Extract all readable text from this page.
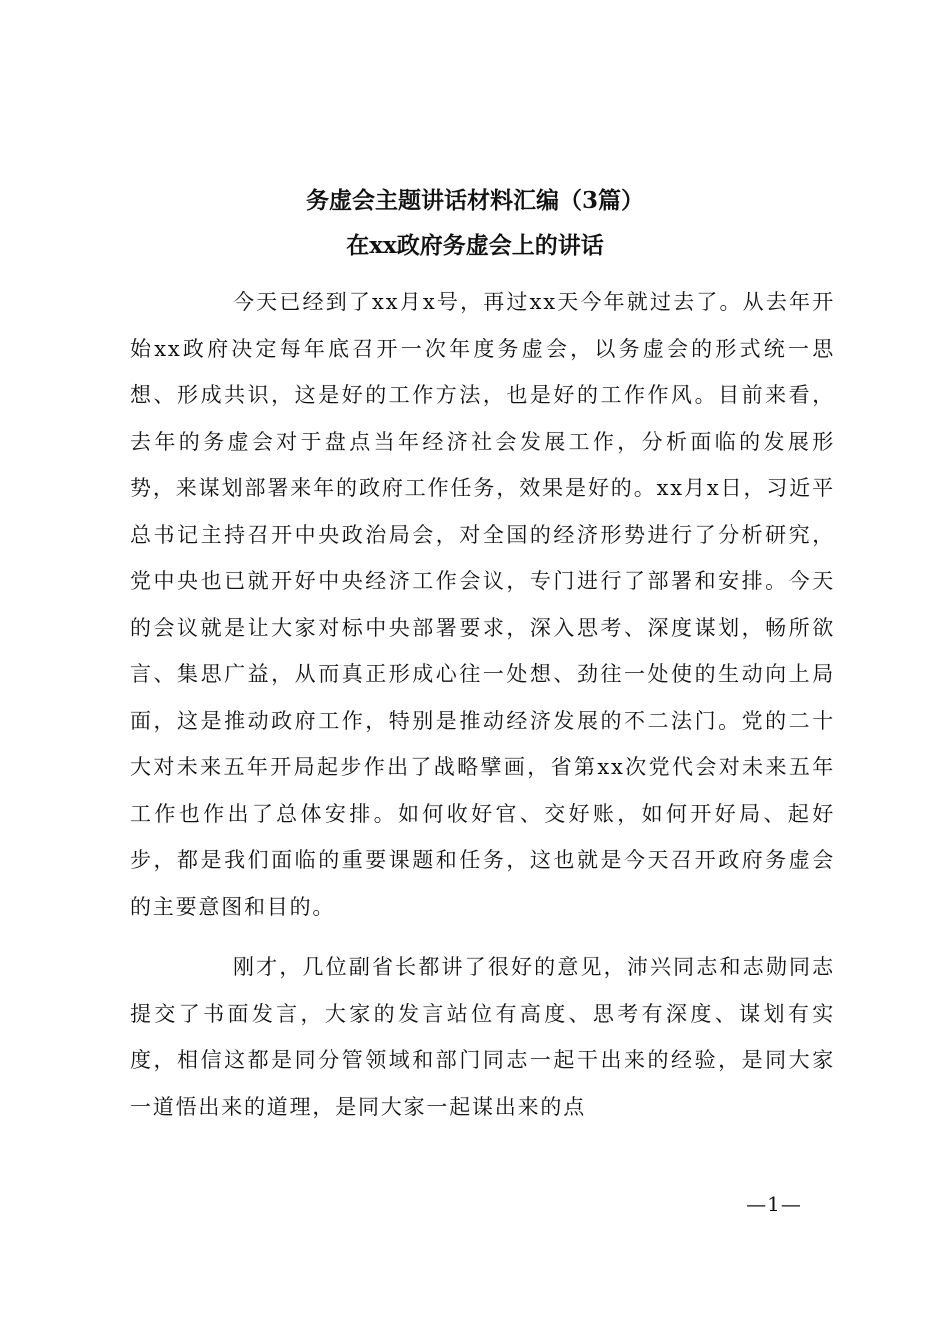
务虚会主题讲话材料汇编（3篇）
在xx政府务虚会上的讲话

今天已经到了xx月x号，再过xx天今年就过去了。从去年开始xx政府决定每年底召开一次年度务虚会，以务虚会的形式统一思想、形成共识，这是好的工作方法，也是好的工作作风。目前来看，去年的务虚会对于盘点当年经济社会发展工作，分析面临的发展形势，来谋划部署来年的政府工作任务，效果是好的。xx月x日，习近平总书记主持召开中央政治局会，对全国的经济形势进行了分析研究，党中央也已就开好中央经济工作会议，专门进行了部署和安排。今天的会议就是让大家对标中央部署要求，深入思考、深度谋划，畅所欲言、集思广益，从而真正形成心往一处想、劲往一处使的生动向上局面，这是推动政府工作，特别是推动经济发展的不二法门。党的二十大对未来五年开局起步作出了战略擘画，省第xx次党代会对未来五年工作也作出了总体安排。如何收好官、交好账，如何开好局、起好步，都是我们面临的重要课题和任务，这也就是今天召开政府务虚会的主要意图和目的。

刚才，几位副省长都讲了很好的意见，沛兴同志和志勋同志提交了书面发言，大家的发言站位有高度、思考有深度、谋划有实度，相信这都是同分管领域和部门同志一起干出来的经验，是同大家一道悟出来的道理，是同大家一起谋出来的点

—1—
